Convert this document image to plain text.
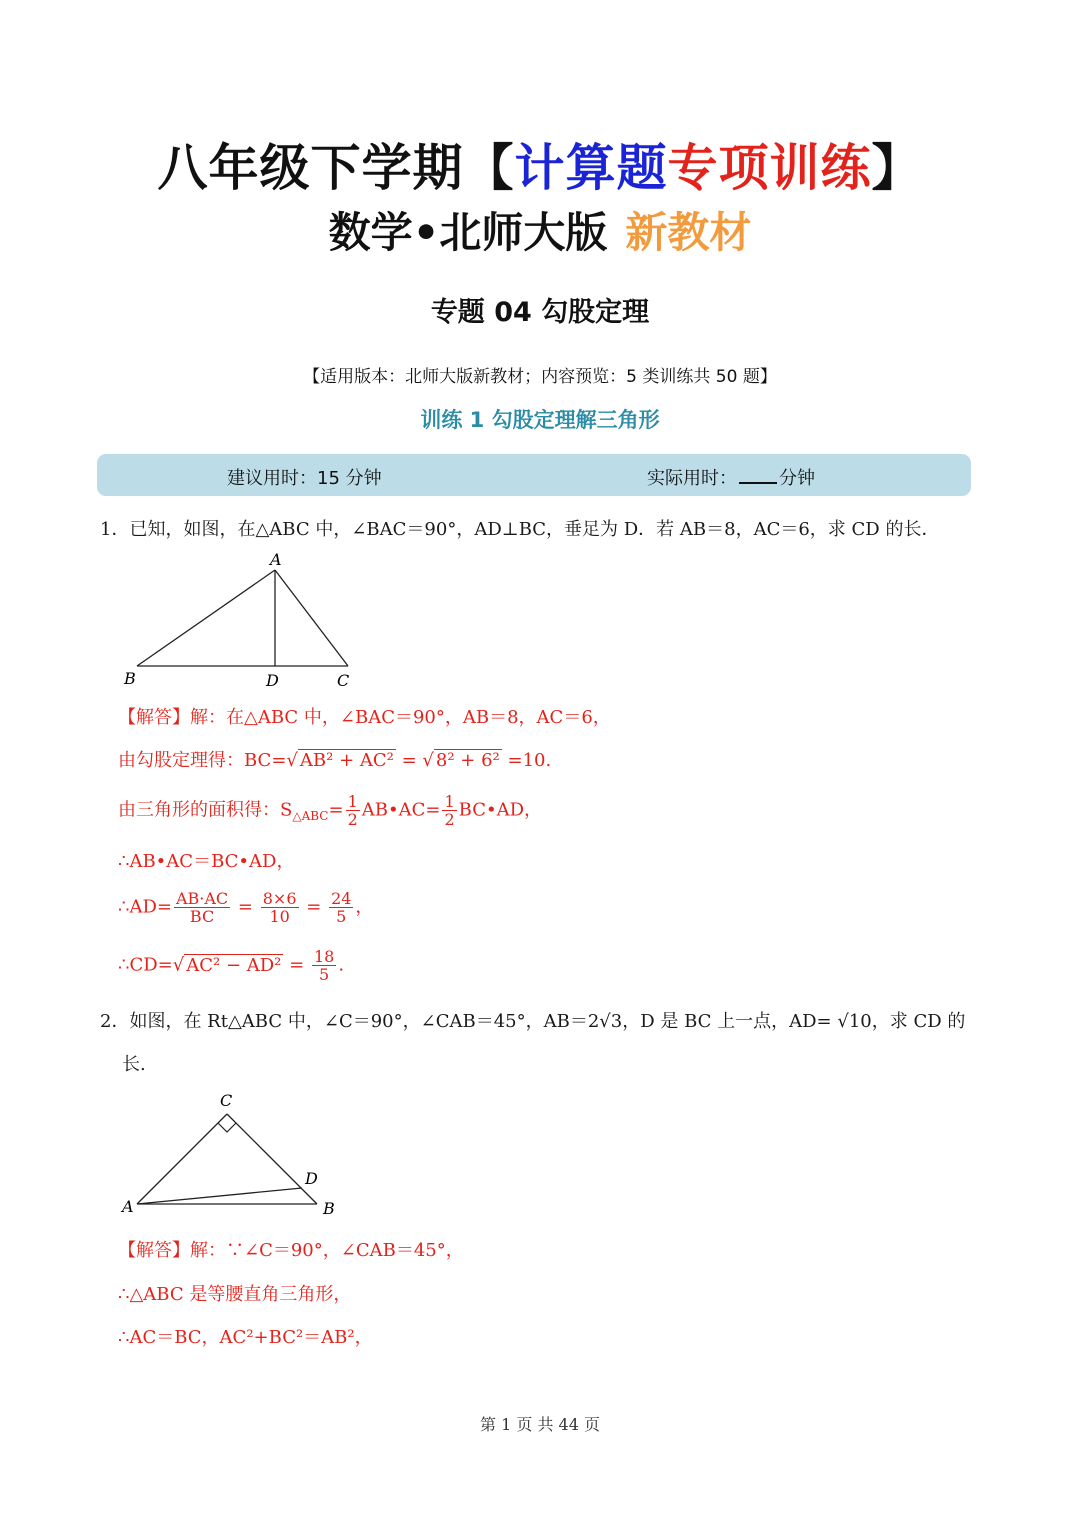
八年级下学期【计算题专项训练】
数学•北师大版 新教材
专题 04 勾股定理
【适用版本：北师大版新教材；内容预览：5 类训练共 50 题】
训练 1 勾股定理解三角形
建议用时：15 分钟	实际用时： 分钟
1．已知，如图，在△ABC 中，∠BAC＝90°，AD⊥BC，垂足为 D．若 AB＝8，AC＝6，求 CD 的长．
A
B	D	C
【解答】解：在△ABC 中，∠BAC＝90°，AB＝8，AC＝6，
由勾股定理得：BC=√ AB² + AC² = √ 8² + 6² =10.
由三角形的面积得：$S_{\triangle ABC}= \frac{1}{2}$ AB•AC= $\frac{1}{2}$ BC•AD，
∴AB•AC＝BC•AD，
∴AD= $\frac{AB\cdot AC}{BC} = \frac{8\times 6}{10} = \frac{24}{5}$ ，
∴CD=√ $AC^2 - AD^2 = \frac{18}{5}$ .
2．如图，在 Rt△ABC 中，∠C＝90°，∠CAB＝45°，AB＝2√3，D 是 BC 上一点，AD= √10，求 CD 的
长.
C
A
D
B
【解答】解：∵∠C＝90°，∠CAB＝45°，
∴△ABC 是等腰直角三角形，
∴AC＝BC，AC²+BC²＝AB²，
第 1 页 共 44 页
